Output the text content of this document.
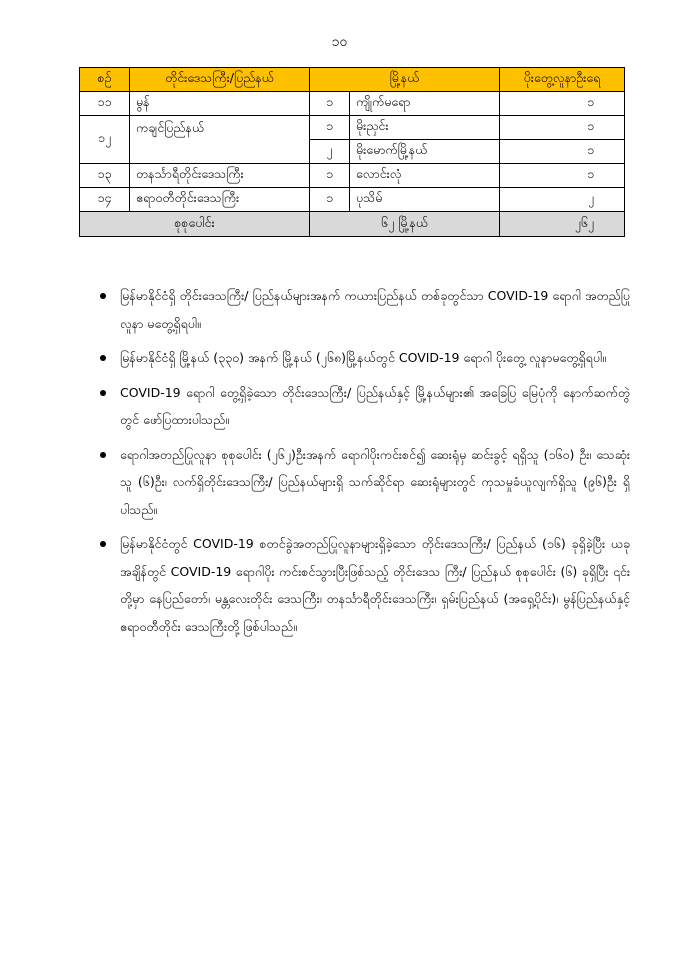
၁၀
စဉ်	တိုင်းဒေသကြီး/ပြည်နယ်	မြို့နယ်		ပိုးတွေ့လူနာဦးရေ
၁၁	မွန်	၁	ကျိုက်မရော	၁
၁၂	ကချင်ပြည်နယ်	၁	မိုးညှင်း	၁
		၂	မိုးမောက်မြို့နယ်	၁
၁၃	တနင်္သာရီတိုင်းဒေသကြီး	၁	လောင်းလုံ	၁
၁၄	ဧရာဝတီတိုင်းဒေသကြီး	၁	ပုသိမ်	၂
စုစုပေါင်း		၆၂ မြို့နယ်		၂၆၂
မြန်မာနိုင်ငံရှိ တိုင်းဒေသကြီး/ ပြည်နယ်များအနက် ကယားပြည်နယ် တစ်ခုတွင်သာ COVID-19 ရောဂါ အတည်ပြုလူနာ မတွေ့ရှိရပါ။
မြန်မာနိုင်ငံရှိ မြို့နယ် (၃၃၀) အနက် မြို့နယ် (၂၆၈)မြို့နယ်တွင် COVID-19 ရောဂါ ပိုးတွေ့ လူနာမတွေ့ရှိရပါ။
COVID-19 ရောဂါ တွေ့ရှိခဲ့သော တိုင်းဒေသကြီး/ ပြည်နယ်နှင့် မြို့နယ်များ၏ အခြေပြ မြေပုံကို နောက်ဆက်တွဲတွင် ဖော်ပြထားပါသည်။
ရောဂါအတည်ပြုလူနာ စုစုပေါင်း (၂၆၂)ဦးအနက် ရောဂါပိုးကင်းစင်၍ ဆေးရုံမှ ဆင်းခွင့် ရရှိသူ (၁၆၀) ဦး၊ သေဆုံးသူ (၆)ဦး၊ လက်ရှိတိုင်းဒေသကြီး/ ပြည်နယ်များရှိ သက်ဆိုင်ရာ ဆေးရုံများတွင် ကုသမှုခံယူလျက်ရှိသူ (၉၆)ဦး ရှိပါသည်။
မြန်မာနိုင်ငံတွင် COVID-19 စတင်ခွဲအတည်ပြုလူနာများရှိခဲ့သော တိုင်းဒေသကြီး/ ပြည်နယ် (၁၆) ခုရှိခဲ့ပြီး ယခုအချိန်တွင် COVID-19 ရောဂါပိုး ကင်းစင်သွားပြီးဖြစ်သည့် တိုင်းဒေသ ကြီး/ ပြည်နယ် စုစုပေါင်း (၆) ခုရှိပြီး ၎င်းတို့မှာ နေပြည်တော်၊ မန္တလေးတိုင်း ဒေသကြီး၊ တနင်္သာရီတိုင်းဒေသကြီး၊ ရှမ်းပြည်နယ် (အရှေ့ပိုင်း)၊ မွန်ပြည်နယ်နှင့် ဧရာဝတီတိုင်း ဒေသကြီးတို့ ဖြစ်ပါသည်။
